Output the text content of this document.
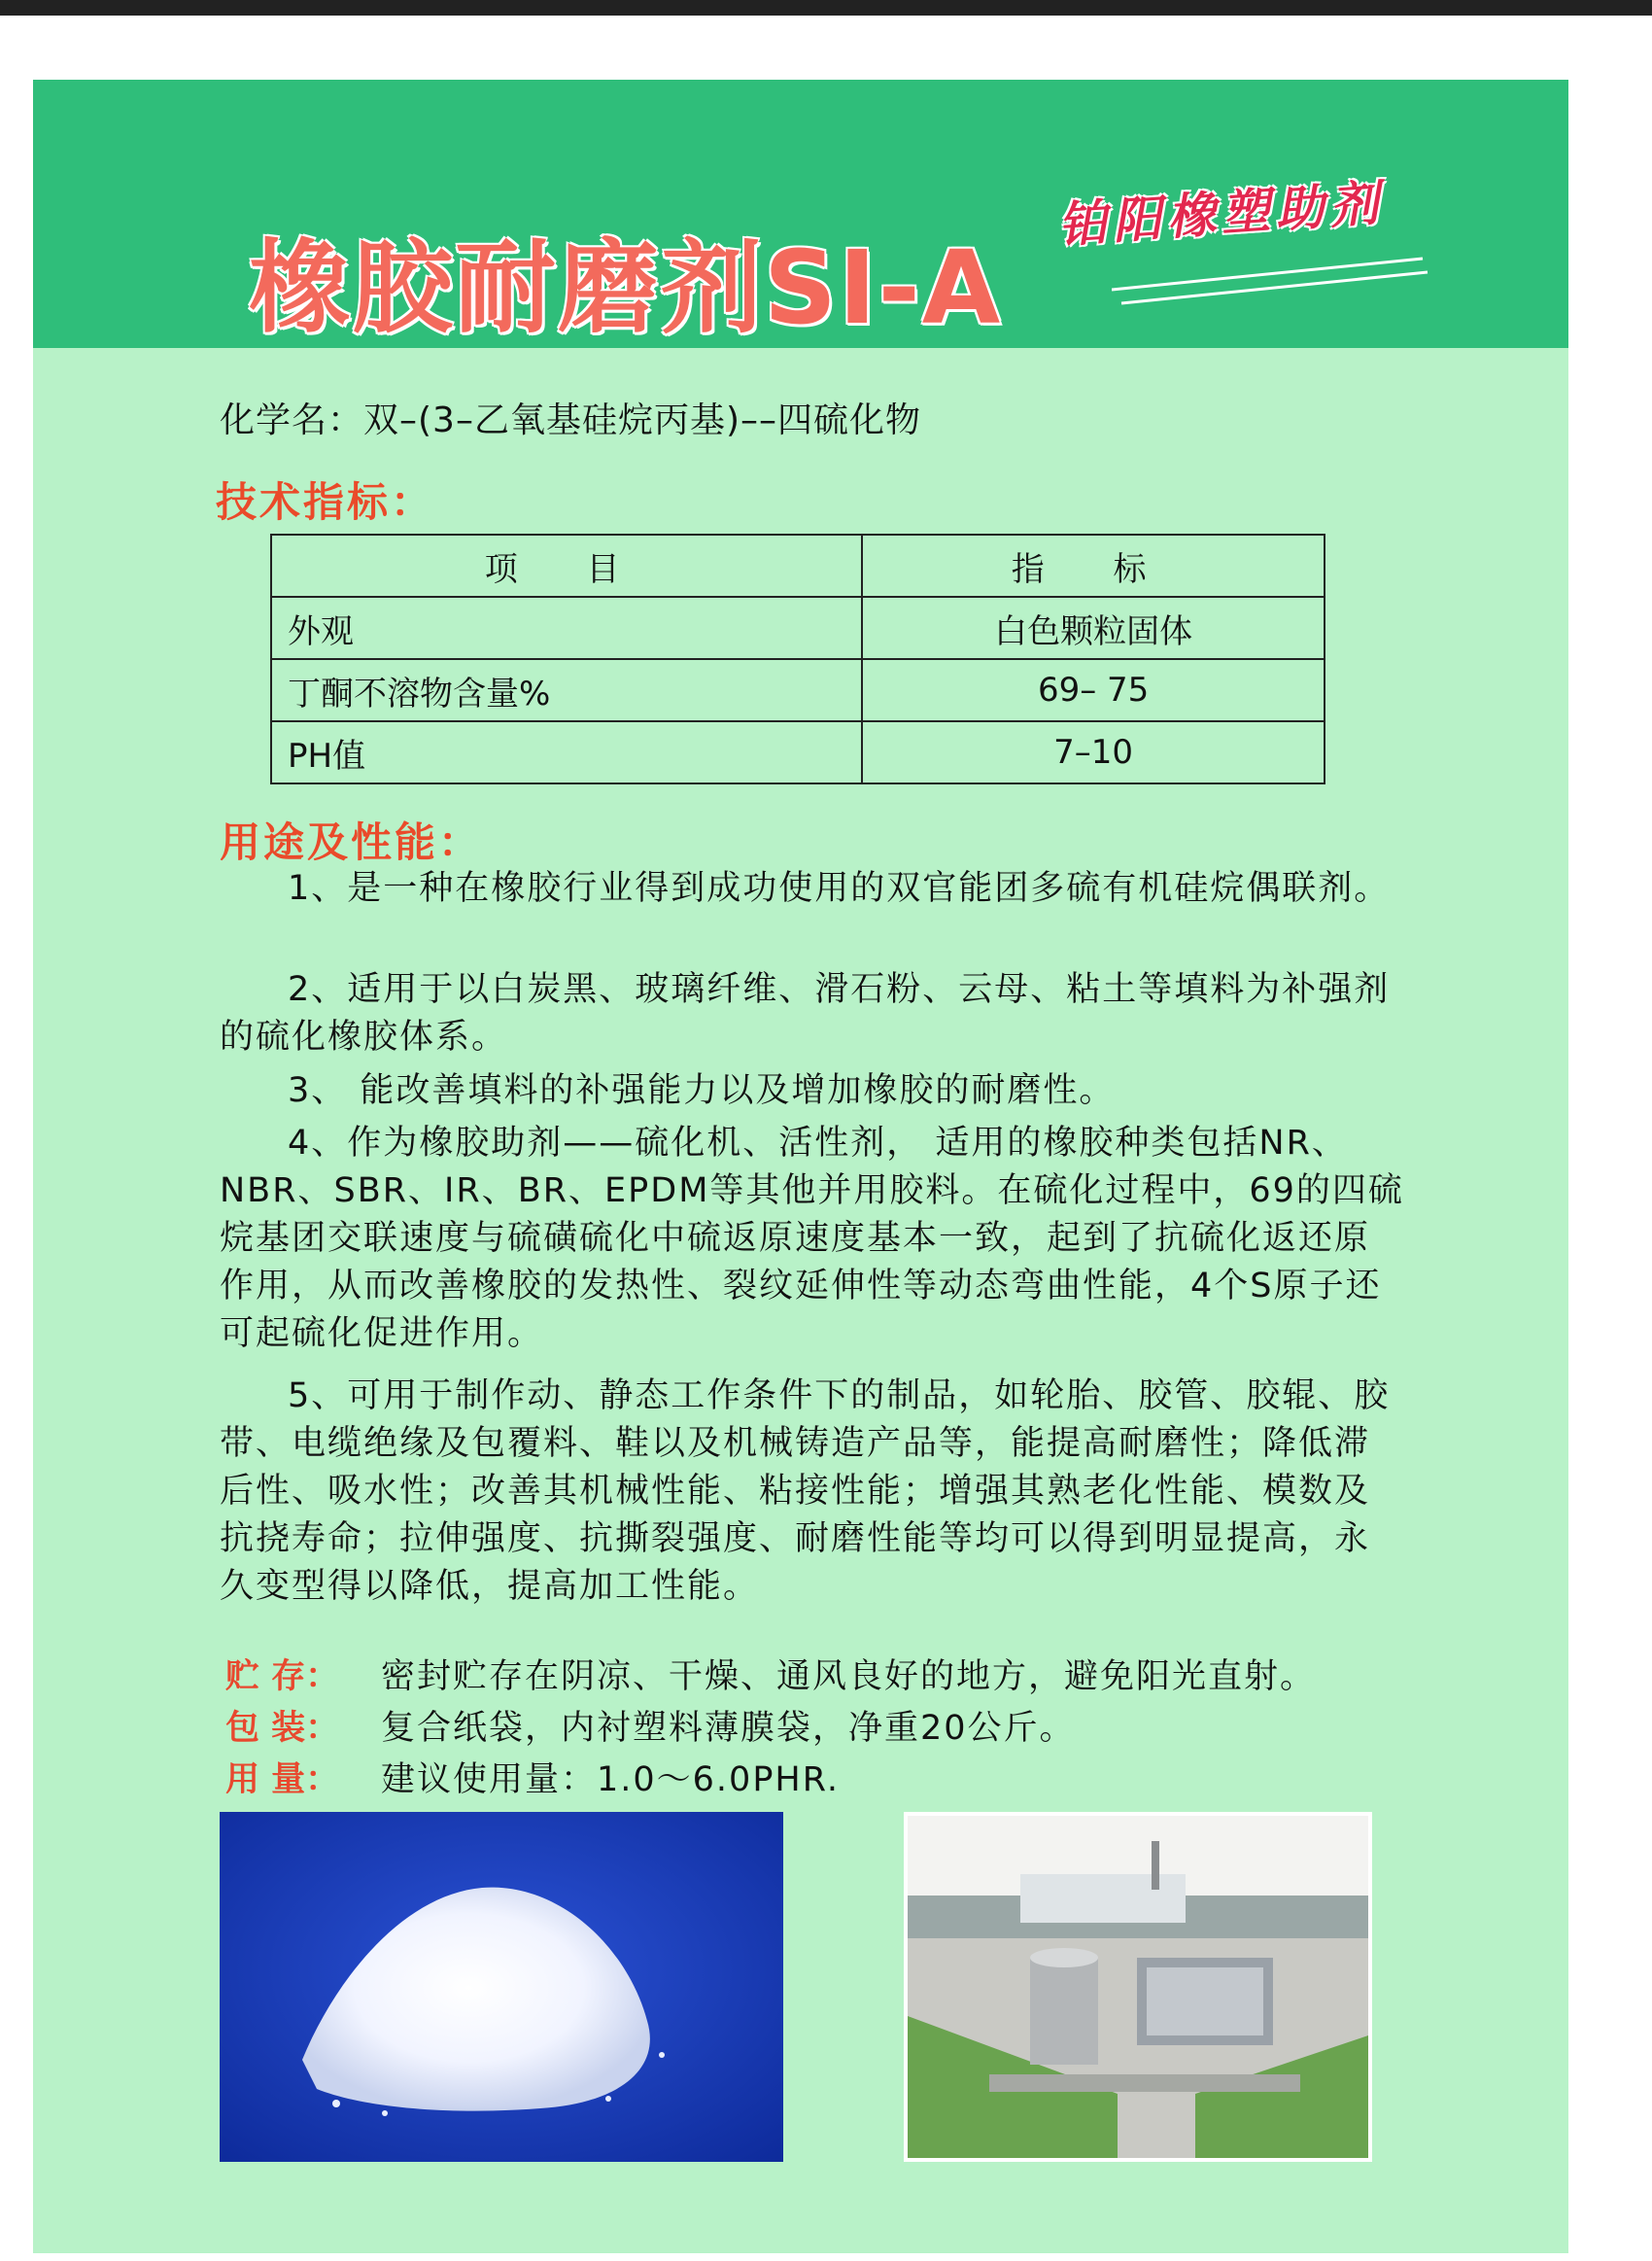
橡胶耐磨剂SI-A
铂阳橡塑助剂
化学名：双–(3–乙氧基硅烷丙基)––四硫化物
技术指标：
项 目	指 标
外观	白色颗粒固体
丁酮不溶物含量%	69– 75
PH值	7–10
用途及性能：
1、是一种在橡胶行业得到成功使用的双官能团多硫有机硅烷偶联剂。
2、适用于以白炭黑、玻璃纤维、滑石粉、云母、粘土等填料为补强剂的硫化橡胶体系。
3、 能改善填料的补强能力以及增加橡胶的耐磨性。
4、作为橡胶助剂——硫化机、活性剂， 适用的橡胶种类包括NR、NBR、SBR、IR、BR、EPDM等其他并用胶料。在硫化过程中，69的四硫烷基团交联速度与硫磺硫化中硫返原速度基本一致，起到了抗硫化返还原作用，从而改善橡胶的发热性、裂纹延伸性等动态弯曲性能，4个S原子还可起硫化促进作用。
5、可用于制作动、静态工作条件下的制品，如轮胎、胶管、胶辊、胶带、电缆绝缘及包覆料、鞋以及机械铸造产品等，能提高耐磨性；降低滞后性、吸水性；改善其机械性能、粘接性能；增强其熟老化性能、模数及抗挠寿命；拉伸强度、抗撕裂强度、耐磨性能等均可以得到明显提高，永久变型得以降低，提高加工性能。
贮 存： 密封贮存在阴凉、干燥、通风良好的地方，避免阳光直射。
包 装： 复合纸袋，内衬塑料薄膜袋，净重20公斤。
用 量： 建议使用量：1.0～6.0PHR.
